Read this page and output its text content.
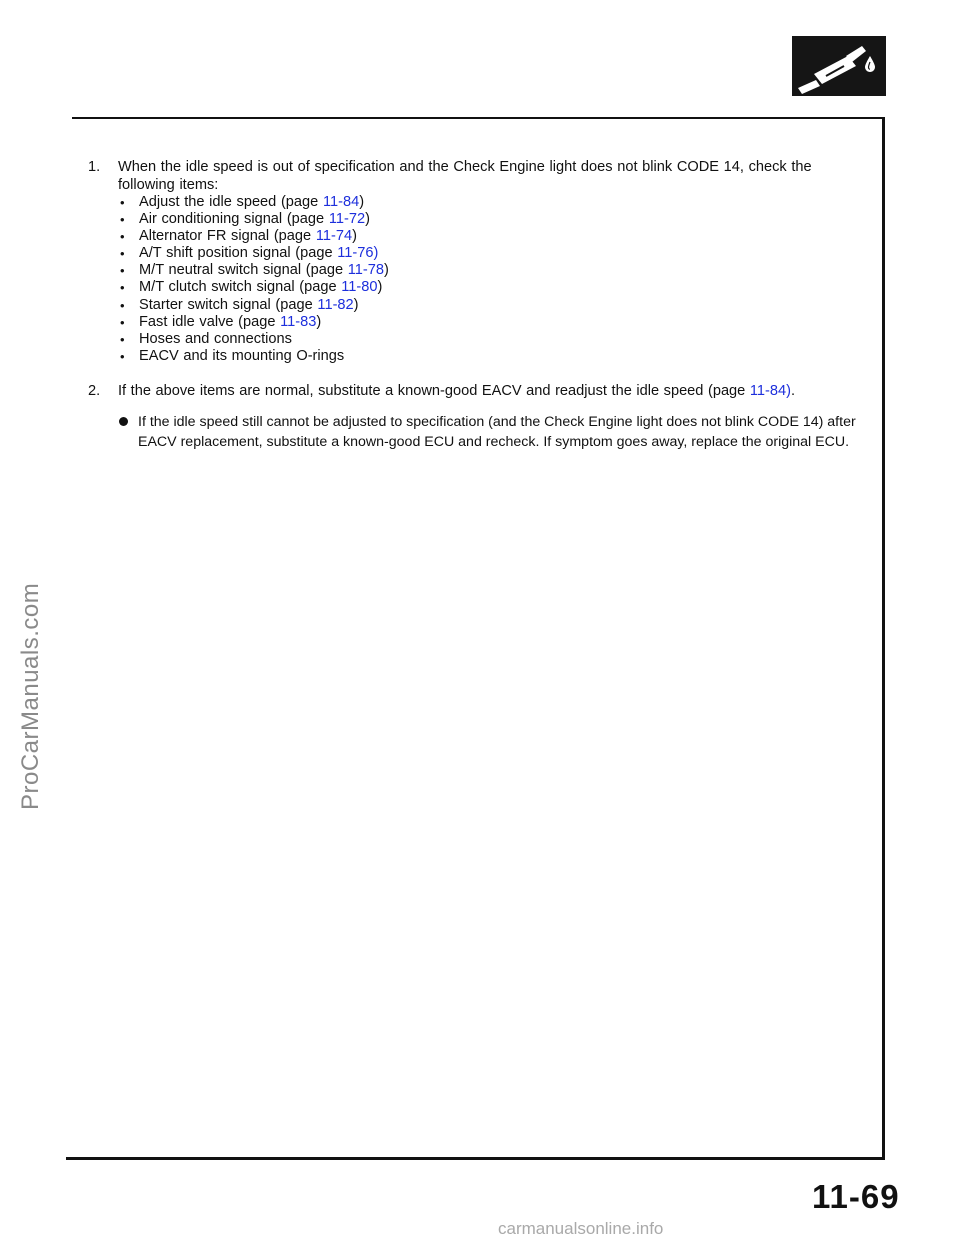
ProCarManuals.com
1. When the idle speed is out of specification and the Check Engine light does not blink CODE 14, check the following items:
• Adjust the idle speed (page 11-84)
• Air conditioning signal (page 11-72)
• Alternator FR signal (page 11-74)
• A/T shift position signal (page 11-76)
• M/T neutral switch signal (page 11-78)
• M/T clutch switch signal (page 11-80)
• Starter switch signal (page 11-82)
• Fast idle valve (page 11-83)
• Hoses and connections
• EACV and its mounting O-rings
2. If the above items are normal, substitute a known-good EACV and readjust the idle speed (page 11-84).
If the idle speed still cannot be adjusted to specification (and the Check Engine light does not blink CODE 14) after EACV replacement, substitute a known-good ECU and recheck. If symptom goes away, replace the original ECU.
11-69
carmanualsonline.info
